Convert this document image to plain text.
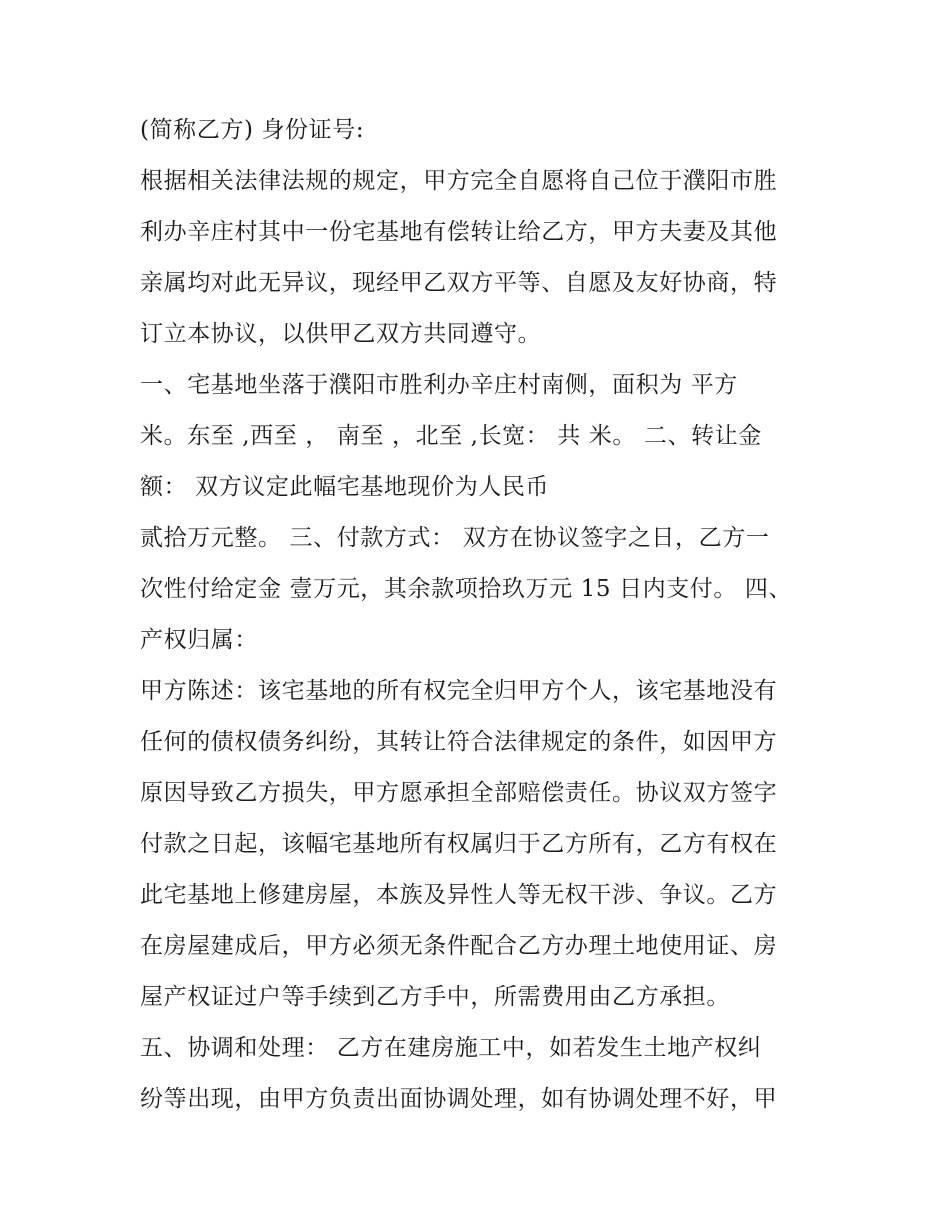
(简称乙方) 身份证号:
根据相关法律法规的规定，甲方完全自愿将自己位于濮阳市胜
利办辛庄村其中一份宅基地有偿转让给乙方，甲方夫妻及其他
亲属均对此无异议，现经甲乙双方平等、自愿及友好协商，特
订立本协议，以供甲乙双方共同遵守。
一、宅基地坐落于濮阳市胜利办辛庄村南侧，面积为 平方
米。东至 ,西至 ， 南至 ，北至 ,长宽： 共 米。 二、转让金
额： 双方议定此幅宅基地现价为人民币
贰拾万元整。 三、付款方式： 双方在协议签字之日，乙方一
次性付给定金 壹万元，其余款项拾玖万元 15 日内支付。 四、
产权归属：
甲方陈述：该宅基地的所有权完全归甲方个人，该宅基地没有
任何的债权债务纠纷，其转让符合法律规定的条件，如因甲方
原因导致乙方损失，甲方愿承担全部赔偿责任。协议双方签字
付款之日起，该幅宅基地所有权属归于乙方所有，乙方有权在
此宅基地上修建房屋，本族及异性人等无权干涉、争议。乙方
在房屋建成后，甲方必须无条件配合乙方办理土地使用证、房
屋产权证过户等手续到乙方手中，所需费用由乙方承担。
五、协调和处理： 乙方在建房施工中，如若发生土地产权纠
纷等出现，由甲方负责出面协调处理，如有协调处理不好，甲
